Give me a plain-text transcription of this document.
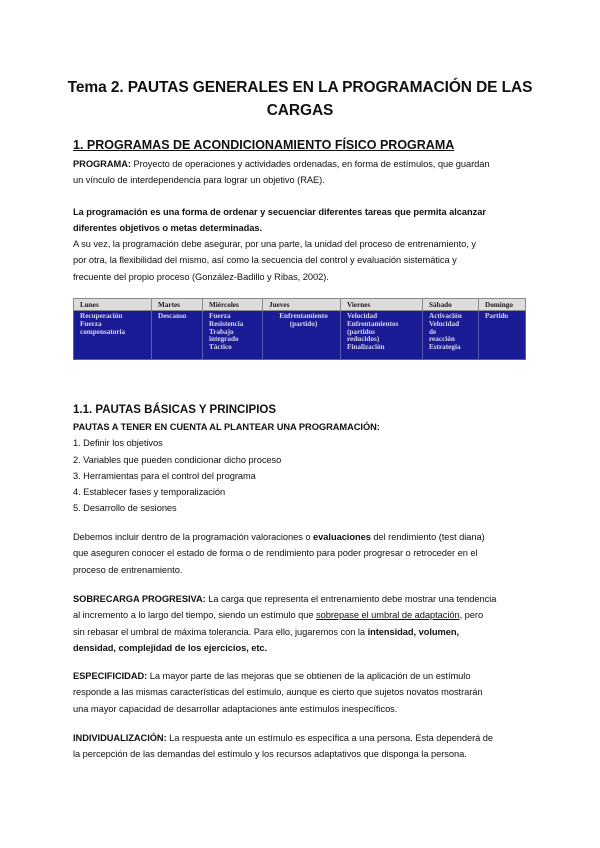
Tema 2. PAUTAS GENERALES EN LA PROGRAMACIÓN DE LAS
CARGAS
1. PROGRAMAS DE ACONDICIONAMIENTO FÍSICO PROGRAMA
PROGRAMA: Proyecto de operaciones y actividades ordenadas, en forma de estímulos, que guardan
un vínculo de interdependencia para lograr un objetivo (RAE).
La programación es una forma de ordenar y secuenciar diferentes tareas que permita alcanzar
diferentes objetivos o metas determinadas.
A su vez, la programación debe asegurar, por una parte, la unidad del proceso de entrenamiento, y
por otra, la flexibilidad del mismo, así como la secuencia del control y evaluación sistemática y
frecuente del propio proceso (González-Badillo y Ribas, 2002).
Lunes	Martes	Miércoles	Jueves	Viernes	Sábado	Domingo

Recuperación
Fuerza
compensatoria	Descanso	Fuerza
Resistencia
Trabajo
integrado
Táctico	Enfrentamiento
(partido)	Velocidad
Enfrentamientos
(partidos
reducidos)
Finalización	Activación
Velocidad
de
reacción
Estrategia	Partido
1.1. PAUTAS BÁSICAS Y PRINCIPIOS
PAUTAS A TENER EN CUENTA AL PLANTEAR UNA PROGRAMACIÓN:
1. Definir los objetivos
2. Variables que pueden condicionar dicho proceso
3. Herramientas para el control del programa
4. Establecer fases y temporalización
5. Desarrollo de sesiones
Debemos incluir dentro de la programación valoraciones o evaluaciones del rendimiento (test diana)
que aseguren conocer el estado de forma o de rendimiento para poder progresar o retroceder en el
proceso de entrenamiento.
SOBRECARGA PROGRESIVA: La carga que representa el entrenamiento debe mostrar una tendencia
al incremento a lo largo del tiempo, siendo un estímulo que sobrepase el umbral de adaptación, pero
sin rebasar el umbral de máxima tolerancia. Para ello, jugaremos con la intensidad, volumen,
densidad, complejidad de los ejercicios, etc.
ESPECIFICIDAD: La mayor parte de las mejoras que se obtienen de la aplicación de un estímulo
responde a las mismas características del estímulo, aunque es cierto que sujetos novatos mostrarán
una mayor capacidad de desarrollar adaptaciones ante estímulos inespecíficos.
INDIVIDUALIZACIÓN: La respuesta ante un estímulo es específica a una persona. Esta dependerá de
la percepción de las demandas del estímulo y los recursos adaptativos que disponga la persona.
